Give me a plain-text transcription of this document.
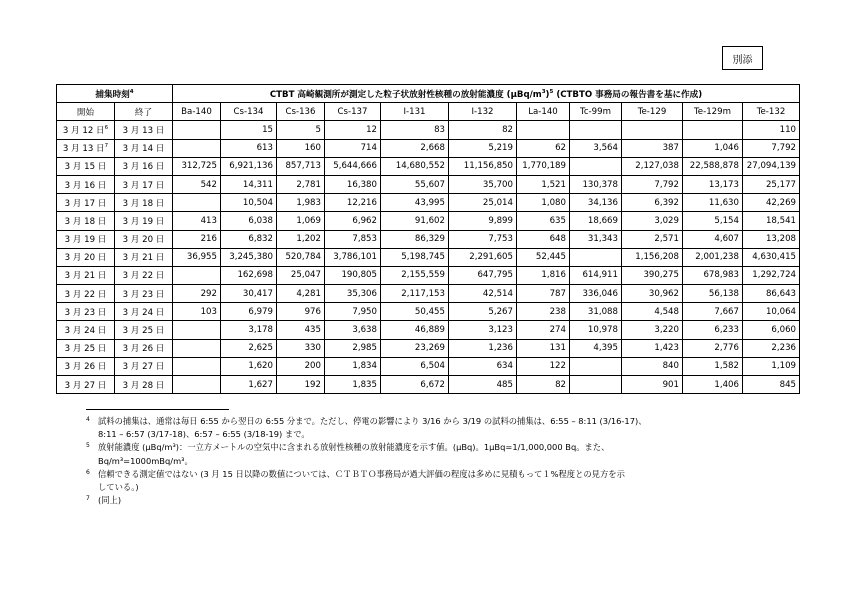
別添
捕集時刻$^4$		CTBT 高崎観測所が測定した粒子状放射性核種の放射能濃度 $(\mu Bq/m^3)^5$ (CTBTO 事務局の報告書を基に作成)										
開始	終了	Ba-140	Cs-134	Cs-136	Cs-137	I-131	I-132	La-140	Tc-99m	Te-129	Te-129m	Te-132
3 月 12 日$^6$	3 月 13 日		15	5	12	83	82					110
3 月 13 日$^7$	3 月 14 日		613	160	714	2,668	5,219	62	3,564	387	1,046	7,792
3 月 15 日	3 月 16 日	312,725	6,921,136	857,713	5,644,666	14,680,552	11,156,850	1,770,189		2,127,038	22,588,878	27,094,139
3 月 16 日	3 月 17 日	542	14,311	2,781	16,380	55,607	35,700	1,521	130,378	7,792	13,173	25,177
3 月 17 日	3 月 18 日		10,504	1,983	12,216	43,995	25,014	1,080	34,136	6,392	11,630	42,269
3 月 18 日	3 月 19 日	413	6,038	1,069	6,962	91,602	9,899	635	18,669	3,029	5,154	18,541
3 月 19 日	3 月 20 日	216	6,832	1,202	7,853	86,329	7,753	648	31,343	2,571	4,607	13,208
3 月 20 日	3 月 21 日	36,955	3,245,380	520,784	3,786,101	5,198,745	2,291,605	52,445		1,156,208	2,001,238	4,630,415
3 月 21 日	3 月 22 日		162,698	25,047	190,805	2,155,559	647,795	1,816	614,911	390,275	678,983	1,292,724
3 月 22 日	3 月 23 日	292	30,417	4,281	35,306	2,117,153	42,514	787	336,046	30,962	56,138	86,643
3 月 23 日	3 月 24 日	103	6,979	976	7,950	50,455	5,267	238	31,088	4,548	7,667	10,064
3 月 24 日	3 月 25 日		3,178	435	3,638	46,889	3,123	274	10,978	3,220	6,233	6,060
3 月 25 日	3 月 26 日		2,625	330	2,985	23,269	1,236	131	4,395	1,423	2,776	2,236
3 月 26 日	3 月 27 日		1,620	200	1,834	6,504	634	122		840	1,582	1,109
3 月 27 日	3 月 28 日		1,627	192	1,835	6,672	485	82		901	1,406	845
4 試料の捕集は、通常は毎日 6:55 から翌日の 6:55 分まで。ただし、停電の影響により 3/16 から 3/19 の試料の捕集は、6:55 – 8:11 (3/16-17)、
8:11 – 6:57 (3/17-18)、6:57 – 6:55 (3/18-19) まで。
5 放射能濃度 (μBq/m³)：一立方メートルの空気中に含まれる放射性核種の放射能濃度を示す値。(μBq)。1μBq=1/1,000,000 Bq。また、
Bq/m³=1000mBq/m³。
6 信頼できる測定値ではない (3 月 15 日以降の数値については、ＣＴＢＴＯ事務局が過大評価の程度は多めに見積もって１%程度との見方を示
している。)
7 (同上)
